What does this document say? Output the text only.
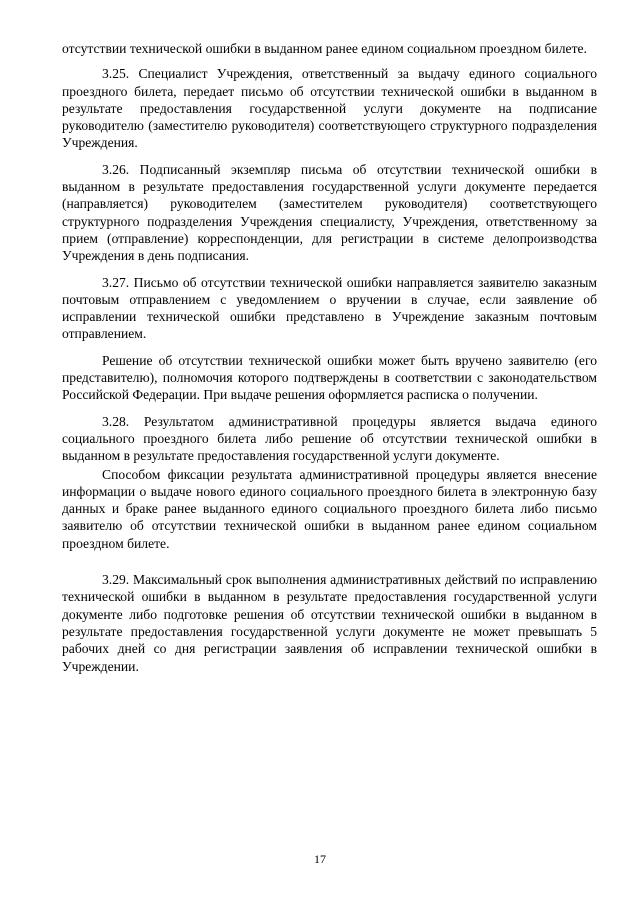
отсутствии технической ошибки в выданном ранее едином социальном проездном билете.

3.25. Специалист Учреждения, ответственный за выдачу единого социального проездного билета, передает письмо об отсутствии технической ошибки в выданном в результате предоставления государственной услуги документе на подписание руководителю (заместителю руководителя) соответствующего структурного подразделения Учреждения.

3.26. Подписанный экземпляр письма об отсутствии технической ошибки в выданном в результате предоставления государственной услуги документе передается (направляется) руководителем (заместителем руководителя) соответствующего структурного подразделения Учреждения специалисту, Учреждения, ответственному за прием (отправление) корреспонденции, для регистрации в системе делопроизводства Учреждения в день подписания.

3.27. Письмо об отсутствии технической ошибки направляется заявителю заказным почтовым отправлением с уведомлением о вручении в случае, если заявление об исправлении технической ошибки представлено в Учреждение заказным почтовым отправлением.

Решение об отсутствии технической ошибки может быть вручено заявителю (его представителю), полномочия которого подтверждены в соответствии с законодательством Российской Федерации. При выдаче решения оформляется расписка о получении.

3.28. Результатом административной процедуры является выдача единого социального проездного билета либо решение об отсутствии технической ошибки в выданном в результате предоставления государственной услуги документе.

Способом фиксации результата административной процедуры является внесение информации о выдаче нового единого социального проездного билета в электронную базу данных и браке ранее выданного единого социального проездного билета либо письмо заявителю об отсутствии технической ошибки в выданном ранее едином социальном проездном билете.

3.29. Максимальный срок выполнения административных действий по исправлению технической ошибки в выданном в результате предоставления государственной услуги документе либо подготовке решения об отсутствии технической ошибки в выданном в результате предоставления государственной услуги документе не может превышать 5 рабочих дней со дня регистрации заявления об исправлении технической ошибки в Учреждении.

17
